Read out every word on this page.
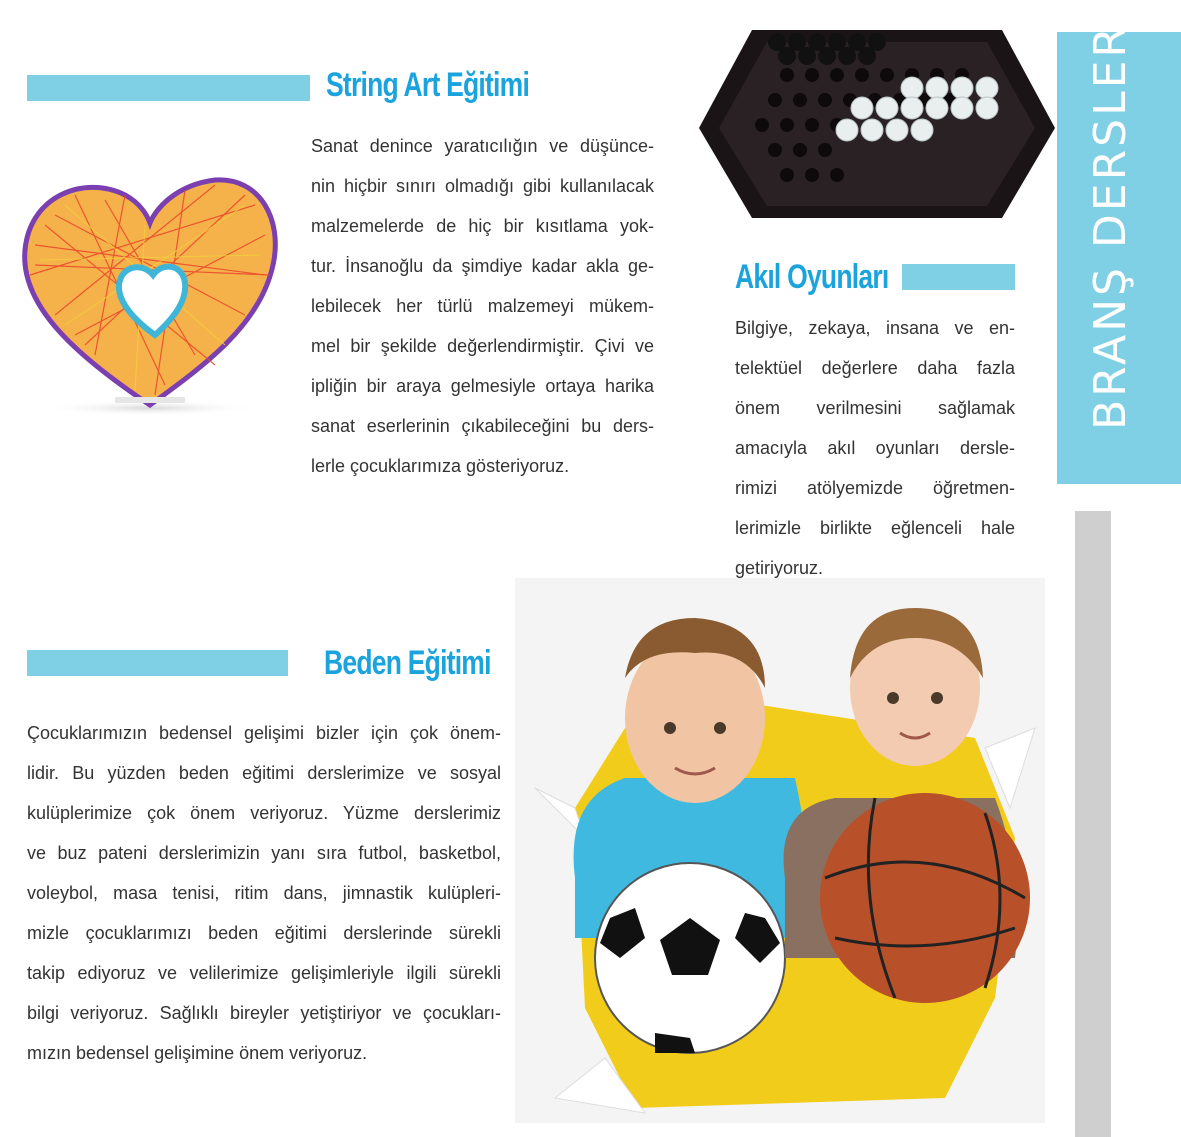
BRANŞ DERSLERİ
String Art Eğitimi
Sanat denince yaratıcılığın ve düşünce-
nin hiçbir sınırı olmadığı gibi kullanılacak
malzemelerde de hiç bir kısıtlama yok-
tur. İnsanoğlu da şimdiye kadar akla ge-
lebilecek her türlü malzemeyi mükem-
mel bir şekilde değerlendirmiştir. Çivi ve
ipliğin bir araya gelmesiyle ortaya harika
sanat eserlerinin çıkabileceğini bu ders-
lerle çocuklarımıza gösteriyoruz.
Akıl Oyunları
Bilgiye, zekaya, insana ve en-
telektüel değerlere daha fazla
önem verilmesini sağlamak
amacıyla akıl oyunları dersle-
rimizi atölyemizde öğretmen-
lerimizle birlikte eğlenceli hale
getiriyoruz.
Beden Eğitimi
Çocuklarımızın bedensel gelişimi bizler için çok önem-
lidir. Bu yüzden beden eğitimi derslerimize ve sosyal
kulüplerimize çok önem veriyoruz. Yüzme derslerimiz
ve buz pateni derslerimizin yanı sıra futbol, basketbol,
voleybol, masa tenisi, ritim dans, jimnastik kulüpleri-
mizle çocuklarımızı beden eğitimi derslerinde sürekli
takip ediyoruz ve velilerimize gelişimleriyle ilgili sürekli
bilgi veriyoruz. Sağlıklı bireyler yetiştiriyor ve çocukları-
mızın bedensel gelişimine önem veriyoruz.
